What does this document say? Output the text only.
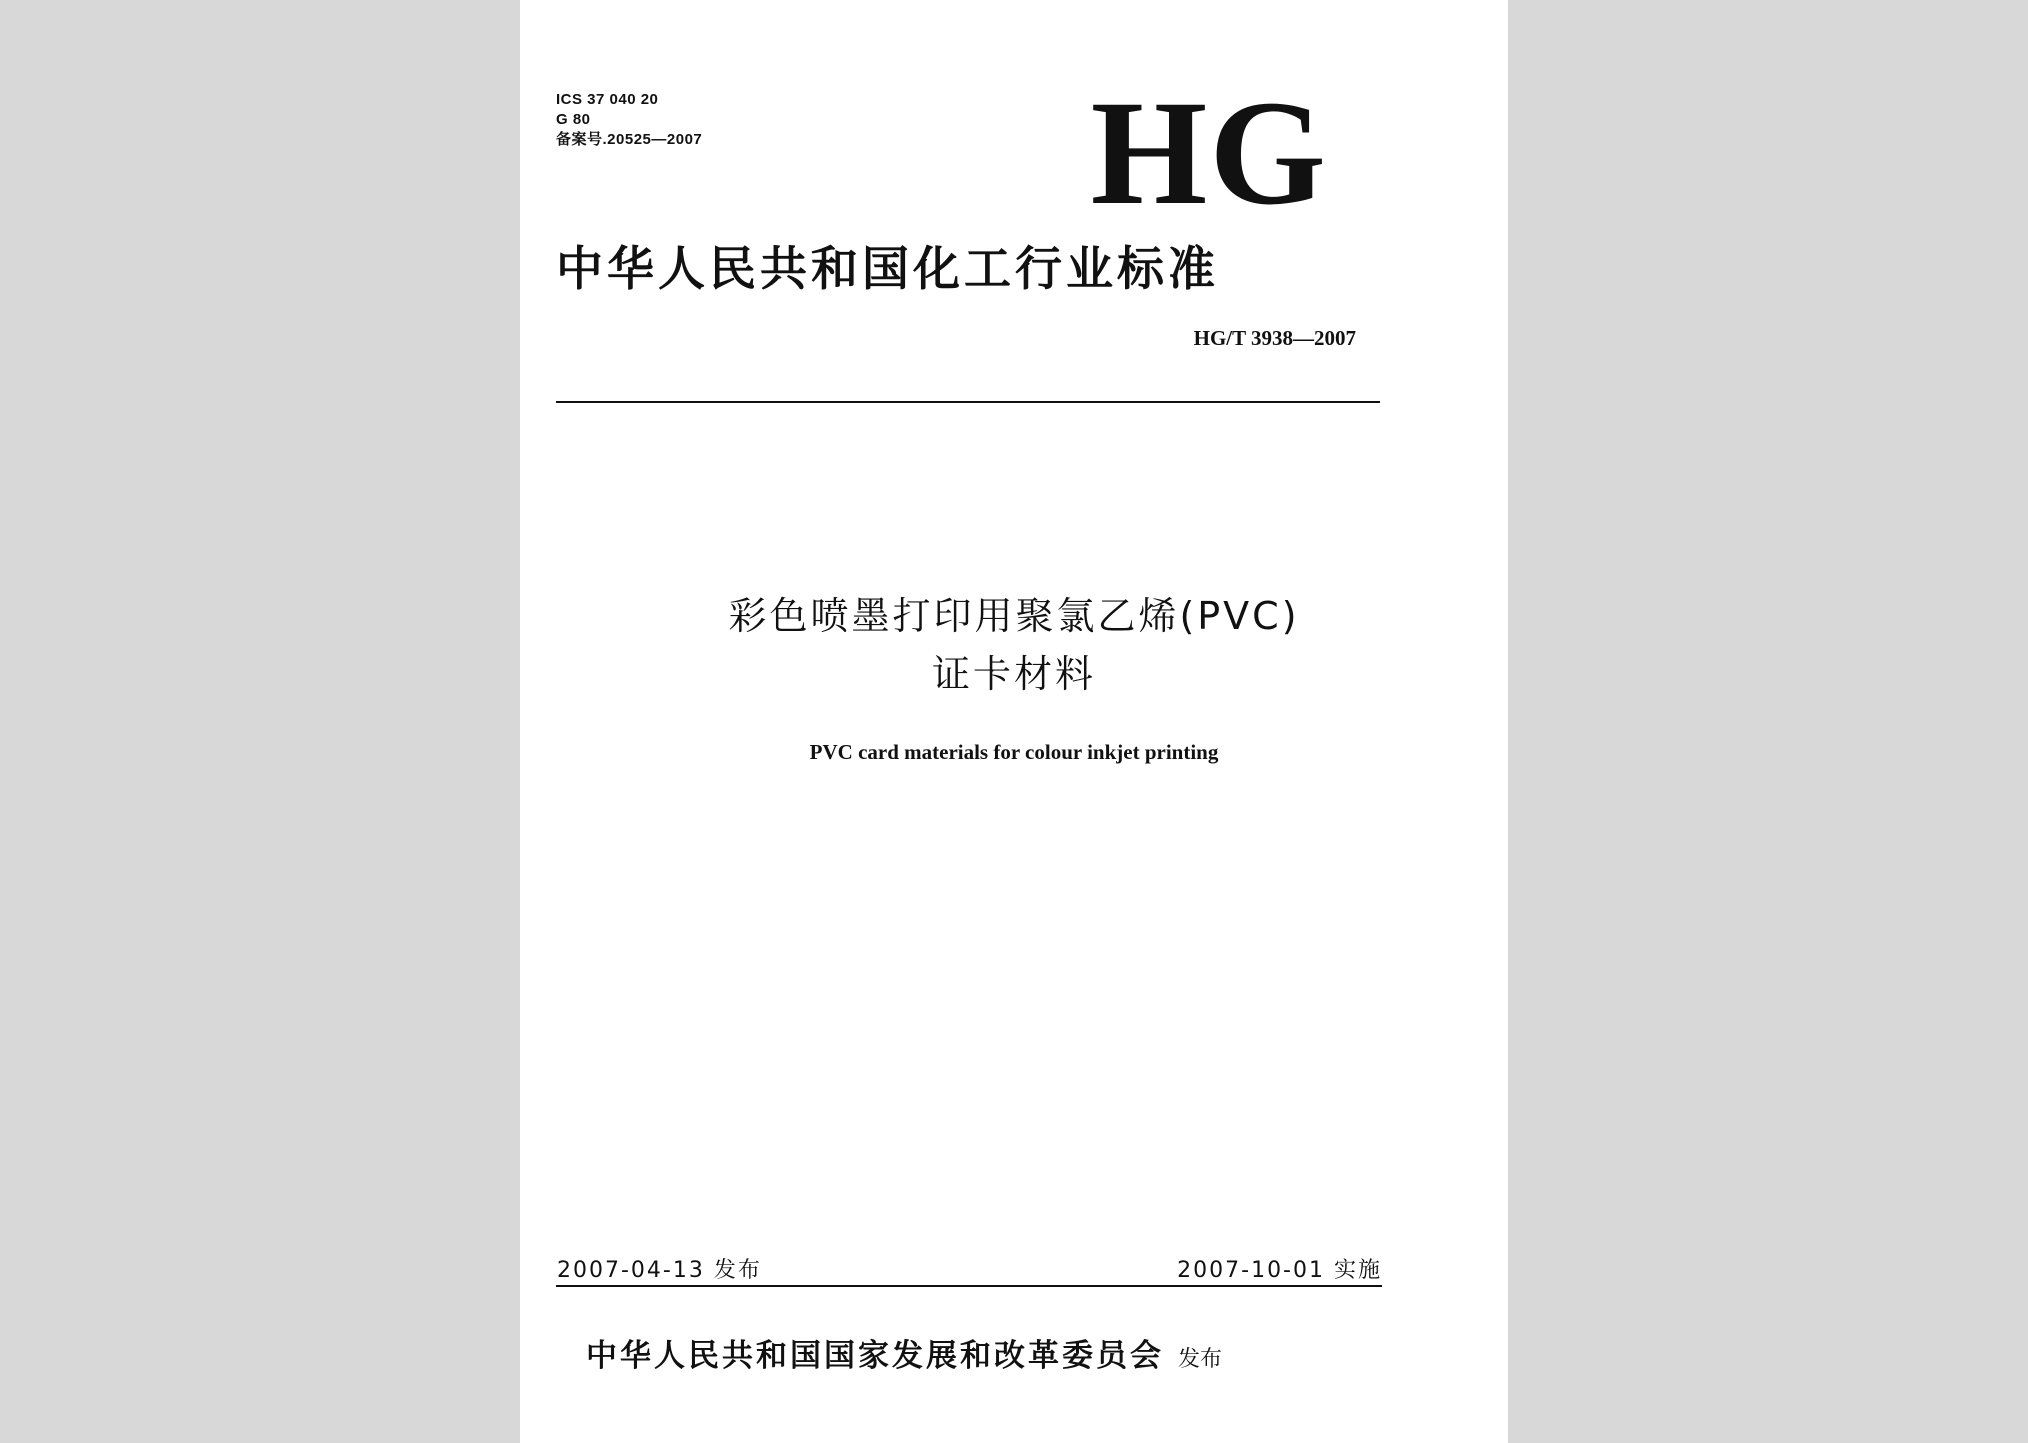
ICS 37 040 20
G 80
备案号.20525—2007	HG
中华人民共和国化工行业标准
HG/T 3938—2007
彩色喷墨打印用聚氯乙烯(PVC)
证卡材料
PVC card materials for colour inkjet printing
2007-04-13 发布	2007-10-01 实施
中华人民共和国国家发展和改革委员会 发布
